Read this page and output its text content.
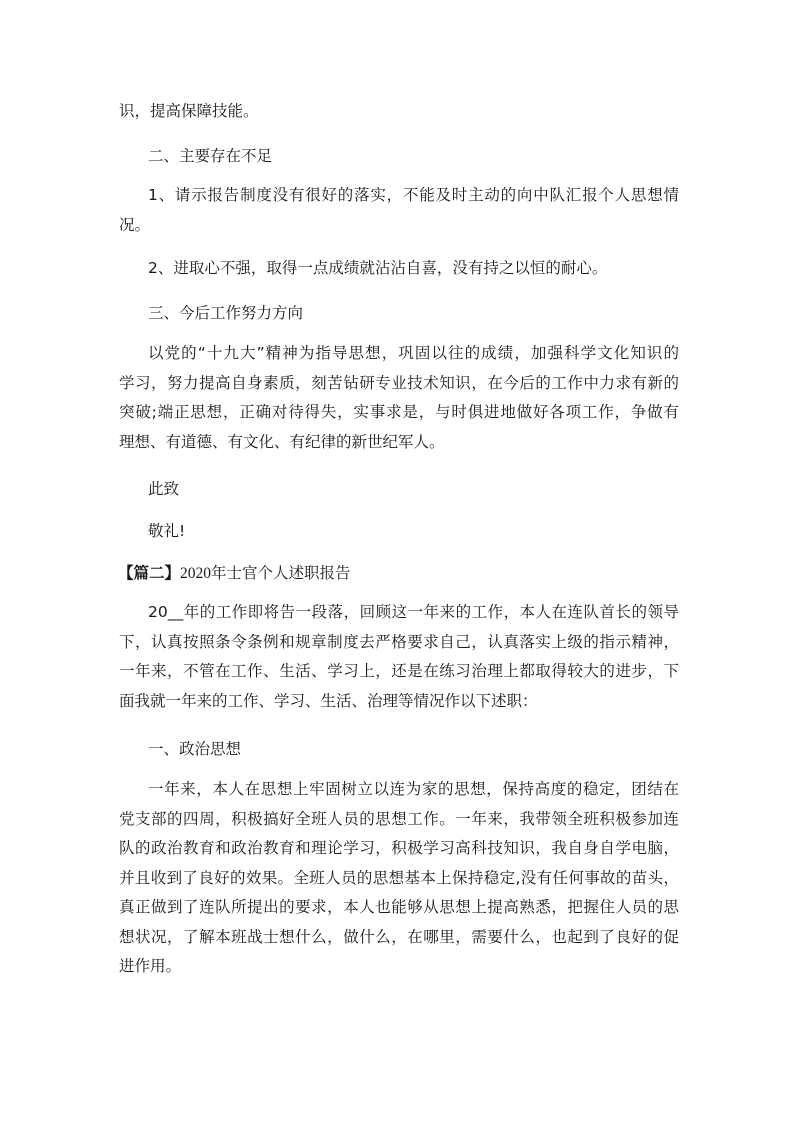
识，提高保障技能。

二、主要存在不足

1、请示报告制度没有很好的落实，不能及时主动的向中队汇报个人思想情
况。

2、进取心不强，取得一点成绩就沾沾自喜，没有持之以恒的耐心。

三、今后工作努力方向

以党的“十九大”精神为指导思想，巩固以往的成绩，加强科学文化知识的
学习，努力提高自身素质，刻苦钻研专业技术知识，在今后的工作中力求有新的
突破;端正思想，正确对待得失，实事求是，与时俱进地做好各项工作，争做有
理想、有道德、有文化、有纪律的新世纪军人。

此致

敬礼!

【篇二】2020年士官个人述职报告

20__年的工作即将告一段落，回顾这一年来的工作，本人在连队首长的领导
下，认真按照条令条例和规章制度去严格要求自己，认真落实上级的指示精神，
一年来，不管在工作、生活、学习上，还是在练习治理上都取得较大的进步，下
面我就一年来的工作、学习、生活、治理等情况作以下述职：

一、政治思想

一年来，本人在思想上牢固树立以连为家的思想，保持高度的稳定，团结在
党支部的四周，积极搞好全班人员的思想工作。一年来，我带领全班积极参加连
队的政治教育和政治教育和理论学习，积极学习高科技知识，我自身自学电脑，
并且收到了良好的效果。全班人员的思想基本上保持稳定,没有任何事故的苗头，
真正做到了连队所提出的要求，本人也能够从思想上提高熟悉，把握住人员的思
想状况，了解本班战士想什么，做什么，在哪里，需要什么，也起到了良好的促
进作用。
